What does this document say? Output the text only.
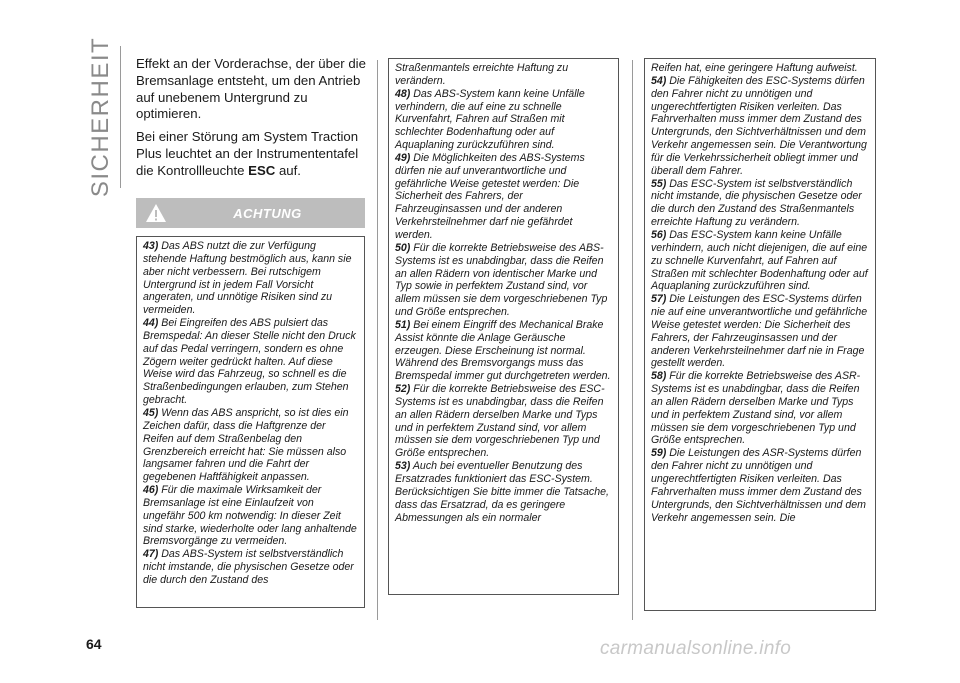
SICHERHEIT Effekt an der Vorderachse, der über die Bremsanlage entsteht, um den Antrieb auf unebenem Untergrund zu optimieren.

Bei einer Störung am System Traction Plus leuchtet an der Instrumententafel die Kontrollleuchte ESC auf.

ACHTUNG

43) Das ABS nutzt die zur Verfügung stehende Haftung bestmöglich aus, kann sie aber nicht verbessern. Bei rutschigem Untergrund ist in jedem Fall Vorsicht angeraten, und unnötige Risiken sind zu vermeiden.

44) Bei Eingreifen des ABS pulsiert das Bremspedal: An dieser Stelle nicht den Druck auf das Pedal verringern, sondern es ohne Zögern weiter gedrückt halten. Auf diese Weise wird das Fahrzeug, so schnell es die Straßenbedingungen erlauben, zum Stehen gebracht.

45) Wenn das ABS anspricht, so ist dies ein Zeichen dafür, dass die Haftgrenze der Reifen auf dem Straßenbelag den Grenzbereich erreicht hat: Sie müssen also langsamer fahren und die Fahrt der gegebenen Haftfähigkeit anpassen.

46) Für die maximale Wirksamkeit der Bremsanlage ist eine Einlaufzeit von ungefähr 500 km notwendig: In dieser Zeit sind starke, wiederholte oder lang anhaltende Bremsvorgänge zu vermeiden.

47) Das ABS-System ist selbstverständlich nicht imstande, die physischen Gesetze oder die durch den Zustand des

Straßenmantels erreichte Haftung zu verändern.

48) Das ABS-System kann keine Unfälle verhindern, die auf eine zu schnelle Kurvenfahrt, Fahren auf Straßen mit schlechter Bodenhaftung oder auf Aquaplaning zurückzuführen sind.

49) Die Möglichkeiten des ABS-Systems dürfen nie auf unverantwortliche und gefährliche Weise getestet werden: Die Sicherheit des Fahrers, der Fahrzeuginsassen und der anderen Verkehrsteilnehmer darf nie gefährdet werden.

50) Für die korrekte Betriebsweise des ABS-Systems ist es unabdingbar, dass die Reifen an allen Rädern von identischer Marke und Typ sowie in perfektem Zustand sind, vor allem müssen sie dem vorgeschriebenen Typ und Größe entsprechen.

51) Bei einem Eingriff des Mechanical Brake Assist könnte die Anlage Geräusche erzeugen. Diese Erscheinung ist normal. Während des Bremsvorgangs muss das Bremspedal immer gut durchgetreten werden.

52) Für die korrekte Betriebsweise des ESC-Systems ist es unabdingbar, dass die Reifen an allen Rädern derselben Marke und Typs und in perfektem Zustand sind, vor allem müssen sie dem vorgeschriebenen Typ und Größe entsprechen.

53) Auch bei eventueller Benutzung des Ersatzrades funktioniert das ESC-System. Berücksichtigen Sie bitte immer die Tatsache, dass das Ersatzrad, da es geringere Abmessungen als ein normaler

Reifen hat, eine geringere Haftung aufweist.

54) Die Fähigkeiten des ESC-Systems dürfen den Fahrer nicht zu unnötigen und ungerechtfertigten Risiken verleiten. Das Fahrverhalten muss immer dem Zustand des Untergrunds, den Sichtverhältnissen und dem Verkehr angemessen sein. Die Verantwortung für die Verkehrssicherheit obliegt immer und überall dem Fahrer.

55) Das ESC-System ist selbstverständlich nicht imstande, die physischen Gesetze oder die durch den Zustand des Straßenmantels erreichte Haftung zu verändern.

56) Das ESC-System kann keine Unfälle verhindern, auch nicht diejenigen, die auf eine zu schnelle Kurvenfahrt, auf Fahren auf Straßen mit schlechter Bodenhaftung oder auf Aquaplaning zurückzuführen sind.

57) Die Leistungen des ESC-Systems dürfen nie auf eine unverantwortliche und gefährliche Weise getestet werden: Die Sicherheit des Fahrers, der Fahrzeuginsassen und der anderen Verkehrsteilnehmer darf nie in Frage gestellt werden.

58) Für die korrekte Betriebsweise des ASR-Systems ist es unabdingbar, dass die Reifen an allen Rädern derselben Marke und Typs und in perfektem Zustand sind, vor allem müssen sie dem vorgeschriebenen Typ und Größe entsprechen.

59) Die Leistungen des ASR-Systems dürfen den Fahrer nicht zu unnötigen und ungerechtfertigten Risiken verleiten. Das Fahrverhalten muss immer dem Zustand des Untergrunds, den Sichtverhältnissen und dem Verkehr angemessen sein. Die

64	carmanualsonline.info
